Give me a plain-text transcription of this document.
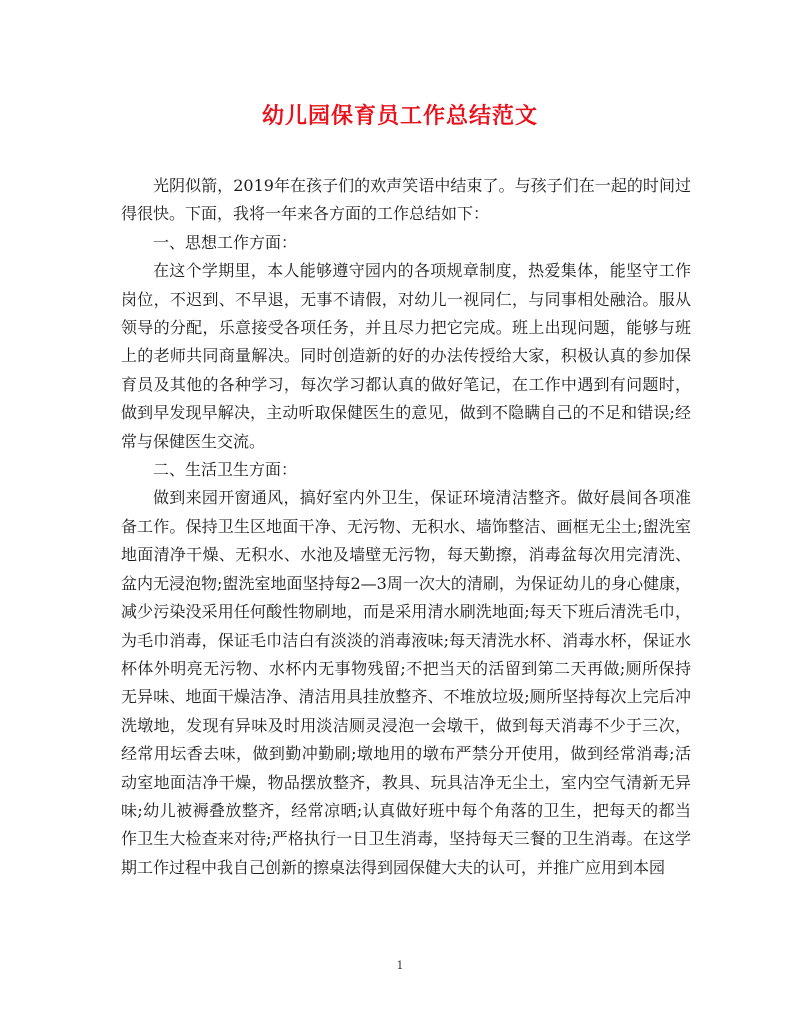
幼儿园保育员工作总结范文

光阴似箭，2019年在孩子们的欢声笑语中结束了。与孩子们在一起的时间过得很快。下面，我将一年来各方面的工作总结如下：

一、思想工作方面：

在这个学期里，本人能够遵守园内的各项规章制度，热爱集体，能坚守工作岗位，不迟到、不早退，无事不请假，对幼儿一视同仁，与同事相处融洽。服从领导的分配，乐意接受各项任务，并且尽力把它完成。班上出现问题，能够与班上的老师共同商量解决。同时创造新的好的办法传授给大家，积极认真的参加保育员及其他的各种学习，每次学习都认真的做好笔记，在工作中遇到有问题时，做到早发现早解决，主动听取保健医生的意见，做到不隐瞒自己的不足和错误;经常与保健医生交流。

二、生活卫生方面：

做到来园开窗通风，搞好室内外卫生，保证环境清洁整齐。做好晨间各项准备工作。保持卫生区地面干净、无污物、无积水、墙饰整洁、画框无尘土;盥洗室地面清净干燥、无积水、水池及墙壁无污物，每天勤擦，消毒盆每次用完清洗、盆内无浸泡物;盥洗室地面坚持每2—3周一次大的清刷，为保证幼儿的身心健康，减少污染没采用任何酸性物刷地，而是采用清水刷洗地面;每天下班后清洗毛巾，为毛巾消毒，保证毛巾洁白有淡淡的消毒液味;每天清洗水杯、消毒水杯，保证水杯体外明亮无污物、水杯内无事物残留;不把当天的活留到第二天再做;厕所保持无异味、地面干燥洁净、清洁用具挂放整齐、不堆放垃圾;厕所坚持每次上完后冲洗墩地，发现有异味及时用淡洁厕灵浸泡一会墩干，做到每天消毒不少于三次，经常用坛香去味，做到勤冲勤刷;墩地用的墩布严禁分开使用，做到经常消毒;活动室地面洁净干燥，物品摆放整齐，教具、玩具洁净无尘土，室内空气清新无异味;幼儿被褥叠放整齐，经常凉晒;认真做好班中每个角落的卫生，把每天的都当作卫生大检查来对待;严格执行一日卫生消毒，坚持每天三餐的卫生消毒。在这学期工作过程中我自己创新的擦桌法得到园保健大夫的认可，并推广应用到本园

1
